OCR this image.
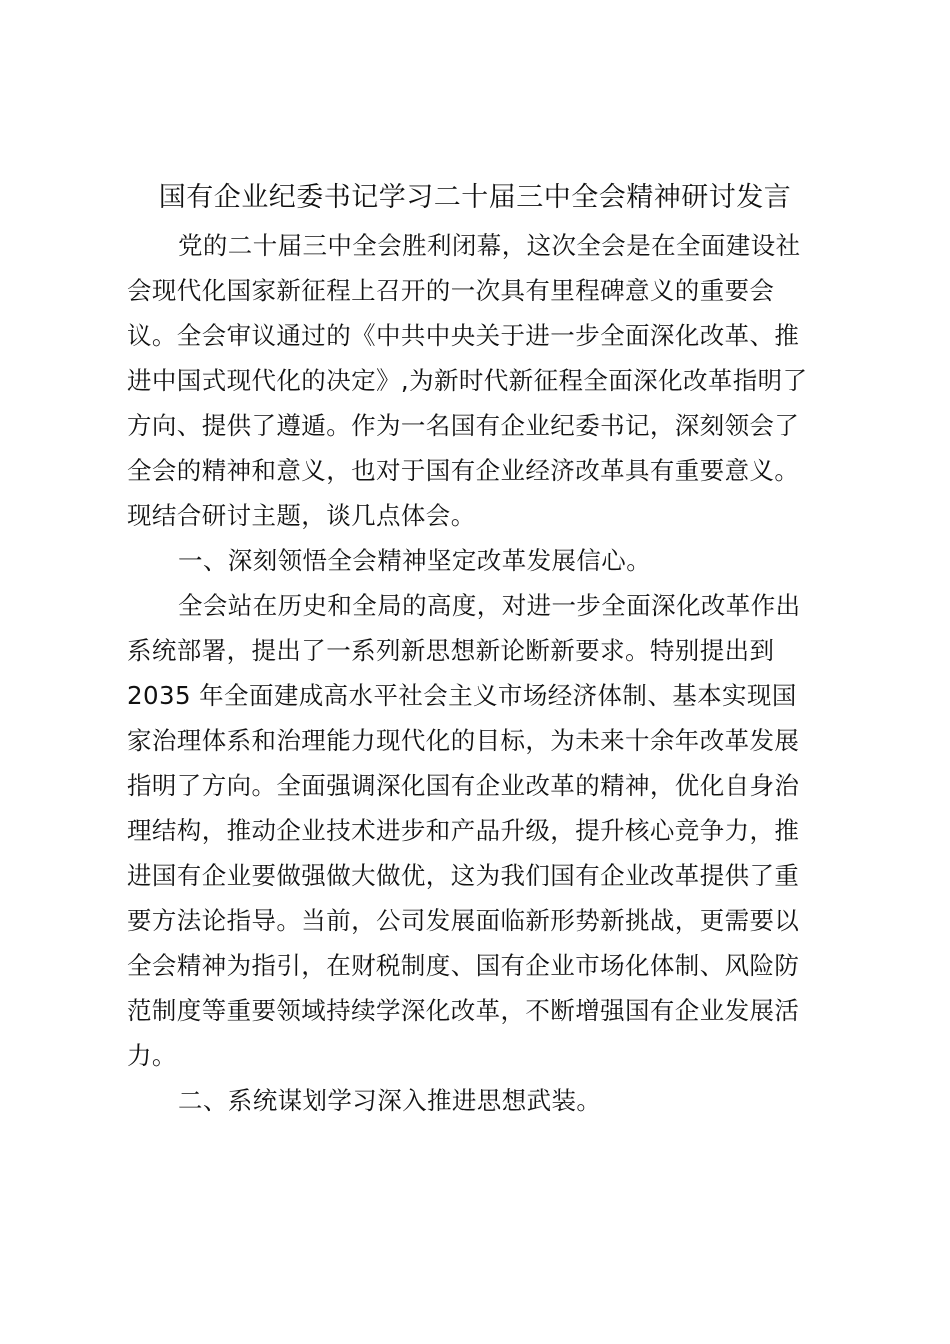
国有企业纪委书记学习二十届三中全会精神研讨发言
党的二十届三中全会胜利闭幕，这次全会是在全面建设社
会现代化国家新征程上召开的一次具有里程碑意义的重要会
议。全会审议通过的《中共中央关于进一步全面深化改革、推
进中国式现代化的决定》,为新时代新征程全面深化改革指明了
方向、提供了遵遁。作为一名国有企业纪委书记，深刻领会了
全会的精神和意义，也对于国有企业经济改革具有重要意义。
现结合研讨主题，谈几点体会。
一、深刻领悟全会精神坚定改革发展信心。
全会站在历史和全局的高度，对进一步全面深化改革作出
系统部署，提出了一系列新思想新论断新要求。特别提出到
2035 年全面建成高水平社会主义市场经济体制、基本实现国
家治理体系和治理能力现代化的目标，为未来十余年改革发展
指明了方向。全面强调深化国有企业改革的精神，优化自身治
理结构，推动企业技术进步和产品升级，提升核心竞争力，推
进国有企业要做强做大做优，这为我们国有企业改革提供了重
要方法论指导。当前，公司发展面临新形势新挑战，更需要以
全会精神为指引，在财税制度、国有企业市场化体制、风险防
范制度等重要领域持续学深化改革，不断增强国有企业发展活
力。
二、系统谋划学习深入推进思想武装。
